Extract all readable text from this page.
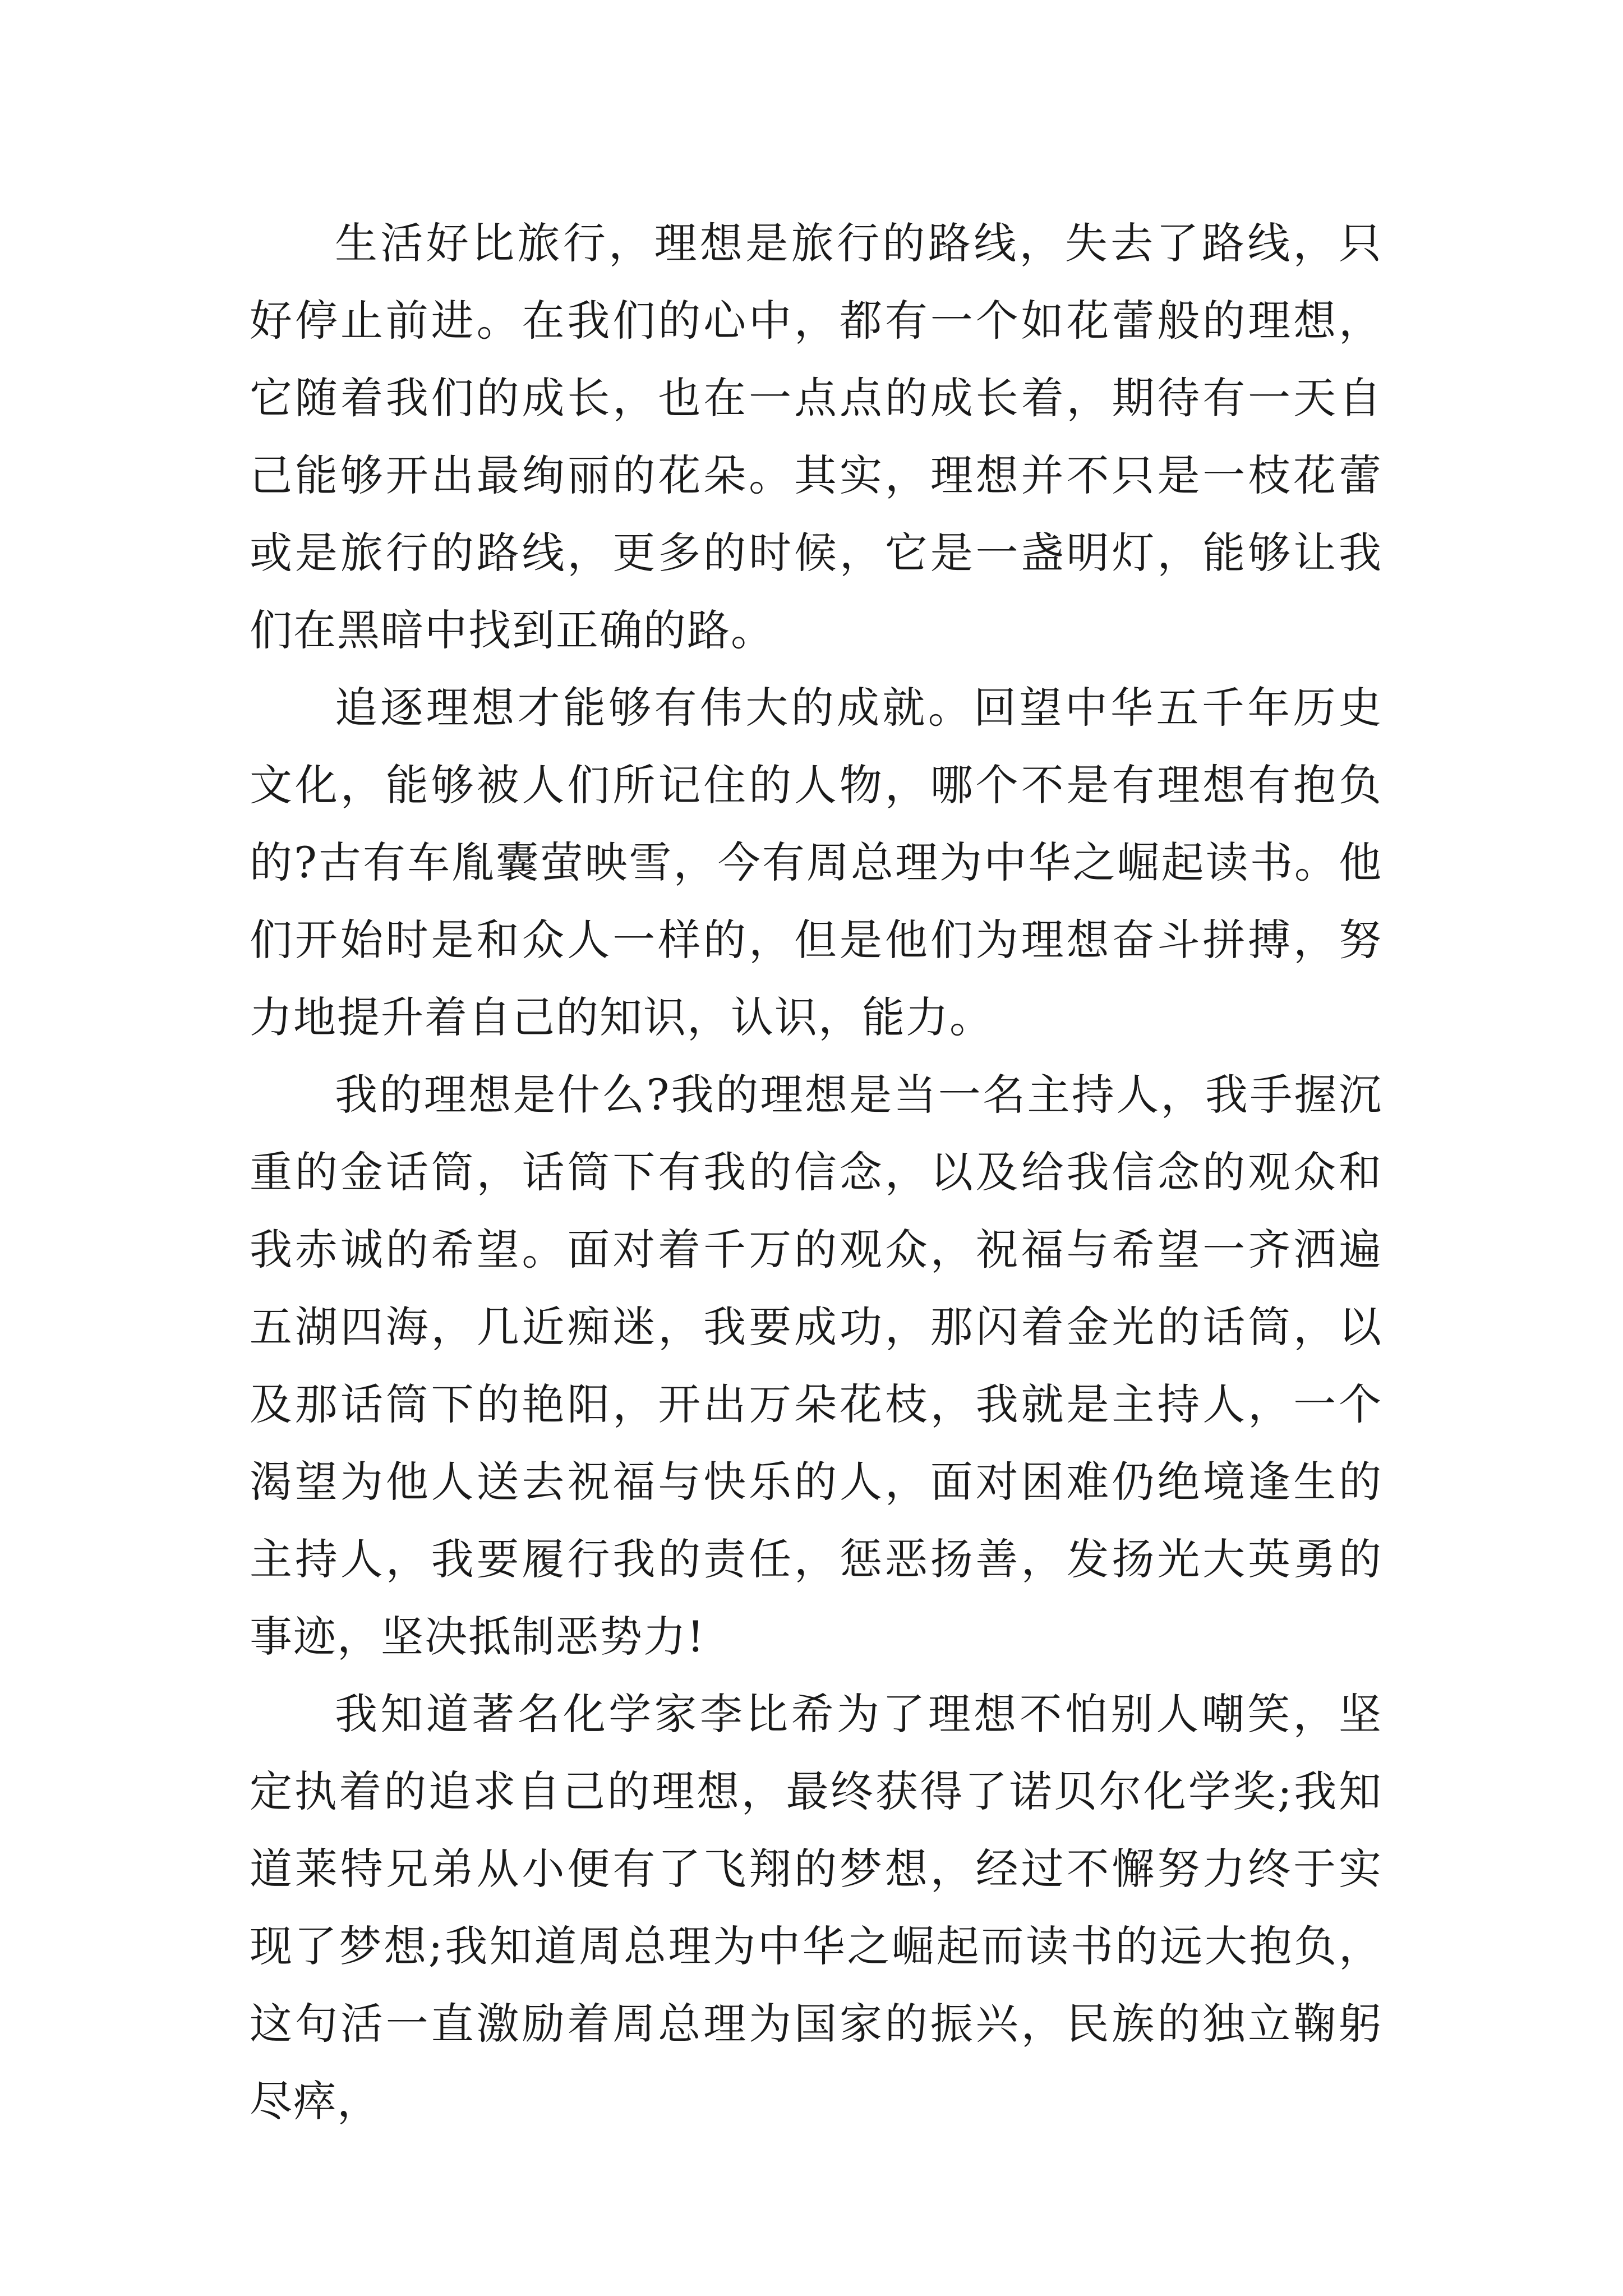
生活好比旅行，理想是旅行的路线，失去了路线，只好停止前进。在我们的心中，都有一个如花蕾般的理想，它随着我们的成长，也在一点点的成长着，期待有一天自己能够开出最绚丽的花朵。其实，理想并不只是一枝花蕾或是旅行的路线，更多的时候，它是一盏明灯，能够让我们在黑暗中找到正确的路。

追逐理想才能够有伟大的成就。回望中华五千年历史文化，能够被人们所记住的人物，哪个不是有理想有抱负的?古有车胤囊萤映雪，今有周总理为中华之崛起读书。他们开始时是和众人一样的，但是他们为理想奋斗拼搏，努力地提升着自己的知识，认识，能力。

我的理想是什么?我的理想是当一名主持人，我手握沉重的金话筒，话筒下有我的信念，以及给我信念的观众和我赤诚的希望。面对着千万的观众，祝福与希望一齐洒遍五湖四海，几近痴迷，我要成功，那闪着金光的话筒，以及那话筒下的艳阳，开出万朵花枝，我就是主持人，一个渴望为他人送去祝福与快乐的人，面对困难仍绝境逢生的主持人，我要履行我的责任，惩恶扬善，发扬光大英勇的事迹，坚决抵制恶势力!

我知道著名化学家李比希为了理想不怕别人嘲笑，坚定执着的追求自己的理想，最终获得了诺贝尔化学奖;我知道莱特兄弟从小便有了飞翔的梦想，经过不懈努力终于实现了梦想;我知道周总理为中华之崛起而读书的远大抱负，这句活一直激励着周总理为国家的振兴，民族的独立鞠躬尽瘁，
